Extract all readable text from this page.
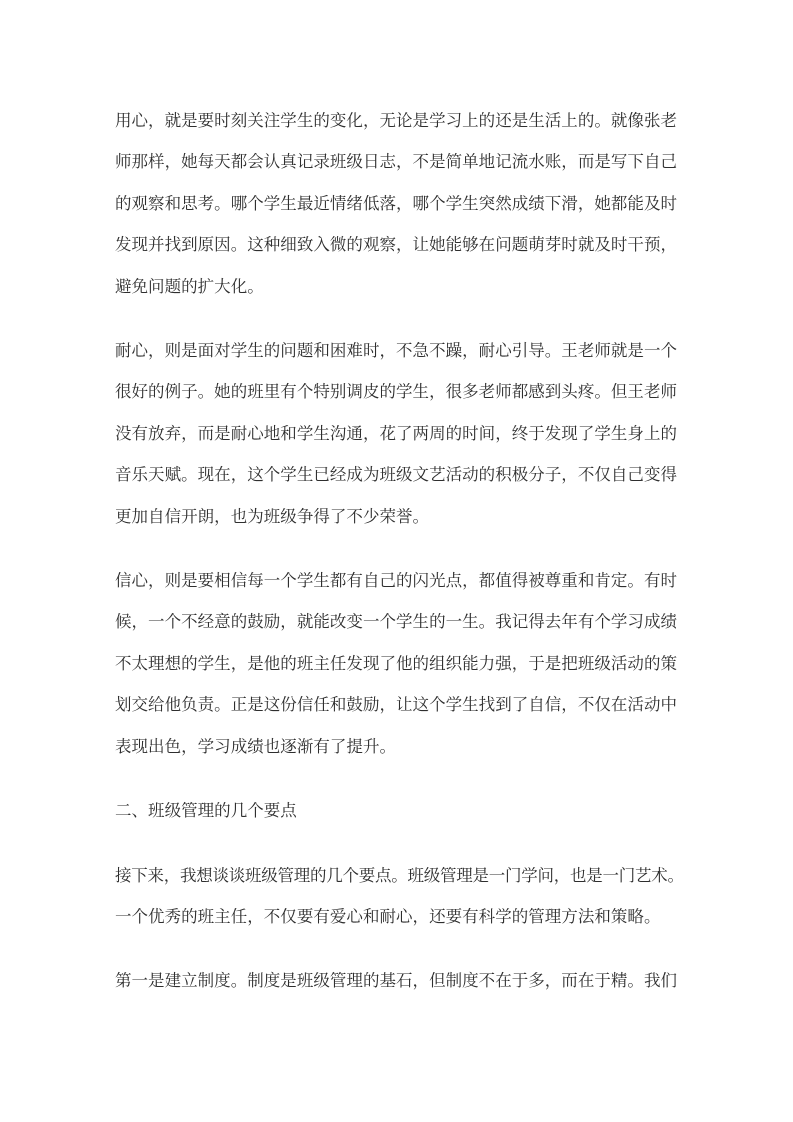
用心，就是要时刻关注学生的变化，无论是学习上的还是生活上的。就像张老
师那样，她每天都会认真记录班级日志，不是简单地记流水账，而是写下自己
的观察和思考。哪个学生最近情绪低落，哪个学生突然成绩下滑，她都能及时
发现并找到原因。这种细致入微的观察，让她能够在问题萌芽时就及时干预，
避免问题的扩大化。

耐心，则是面对学生的问题和困难时，不急不躁，耐心引导。王老师就是一个
很好的例子。她的班里有个特别调皮的学生，很多老师都感到头疼。但王老师
没有放弃，而是耐心地和学生沟通，花了两周的时间，终于发现了学生身上的
音乐天赋。现在，这个学生已经成为班级文艺活动的积极分子，不仅自己变得
更加自信开朗，也为班级争得了不少荣誉。

信心，则是要相信每一个学生都有自己的闪光点，都值得被尊重和肯定。有时
候，一个不经意的鼓励，就能改变一个学生的一生。我记得去年有个学习成绩
不太理想的学生，是他的班主任发现了他的组织能力强，于是把班级活动的策
划交给他负责。正是这份信任和鼓励，让这个学生找到了自信，不仅在活动中
表现出色，学习成绩也逐渐有了提升。

二、班级管理的几个要点

接下来，我想谈谈班级管理的几个要点。班级管理是一门学问，也是一门艺术。
一个优秀的班主任，不仅要有爱心和耐心，还要有科学的管理方法和策略。

第一是建立制度。制度是班级管理的基石，但制度不在于多，而在于精。我们
